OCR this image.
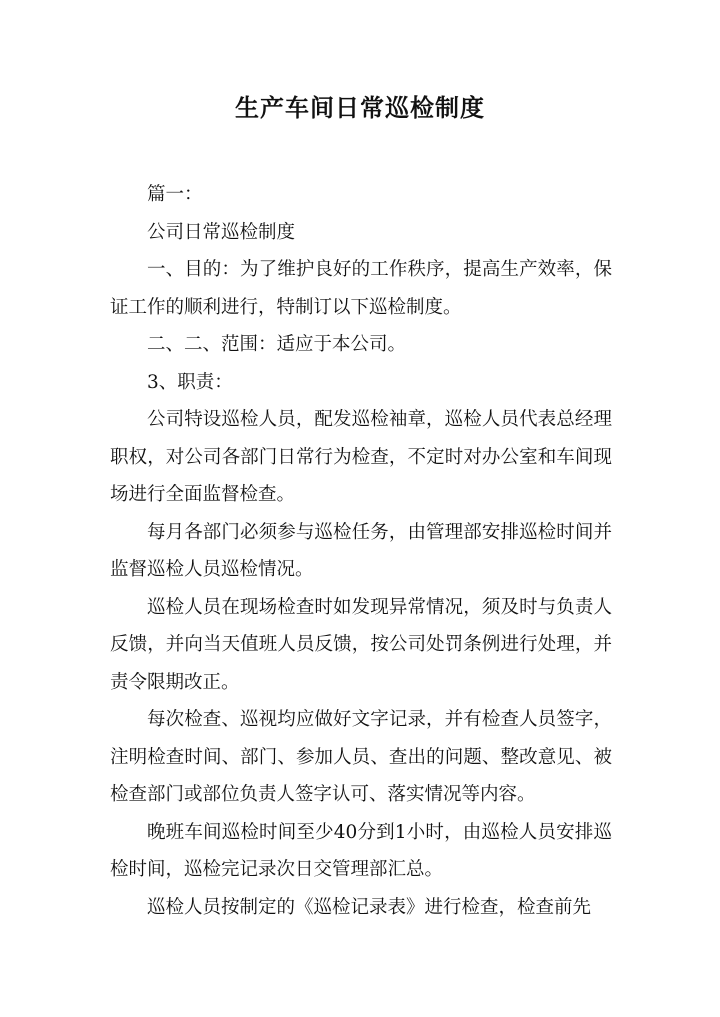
生产车间日常巡检制度

篇一：

公司日常巡检制度

一、目的：为了维护良好的工作秩序，提高生产效率，保证工作的顺利进行，特制订以下巡检制度。

二、二、范围：适应于本公司。

3、职责：

公司特设巡检人员，配发巡检袖章，巡检人员代表总经理职权，对公司各部门日常行为检查，不定时对办公室和车间现场进行全面监督检查。

每月各部门必须参与巡检任务，由管理部安排巡检时间并监督巡检人员巡检情况。

巡检人员在现场检查时如发现异常情况，须及时与负责人反馈，并向当天值班人员反馈，按公司处罚条例进行处理，并责令限期改正。

每次检查、巡视均应做好文字记录，并有检查人员签字，注明检查时间、部门、参加人员、查出的问题、整改意见、被检查部门或部位负责人签字认可、落实情况等内容。

晚班车间巡检时间至少40分到1小时，由巡检人员安排巡检时间，巡检完记录次日交管理部汇总。

巡检人员按制定的《巡检记录表》进行检查，检查前先
